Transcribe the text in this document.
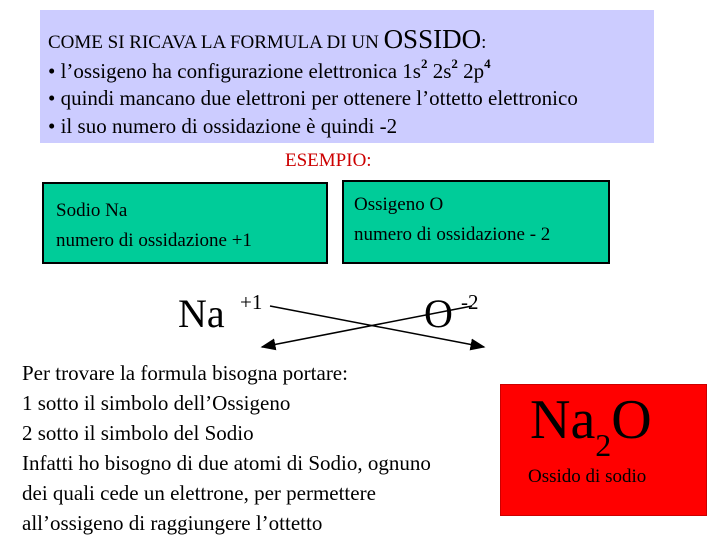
COME SI RICAVA LA FORMULA DI UN OSSIDO:
• l’ossigeno ha configurazione elettronica $1s^2$ $2s^2$ $2p^4$
• quindi mancano due elettroni per ottenere l’ottetto elettronico
• il suo numero di ossidazione è quindi -2
ESEMPIO:
Sodio Na
numero di ossidazione +1
Ossigeno O
numero di ossidazione - 2
Na +1	O -2
Per trovare la formula bisogna portare:
1 sotto il simbolo dell’Ossigeno
2 sotto il simbolo del Sodio
Infatti ho bisogno di due atomi di Sodio, ognuno
dei quali cede un elettrone, per permettere
all’ossigeno di raggiungere l’ottetto
$Na_2O$
Ossido di sodio
